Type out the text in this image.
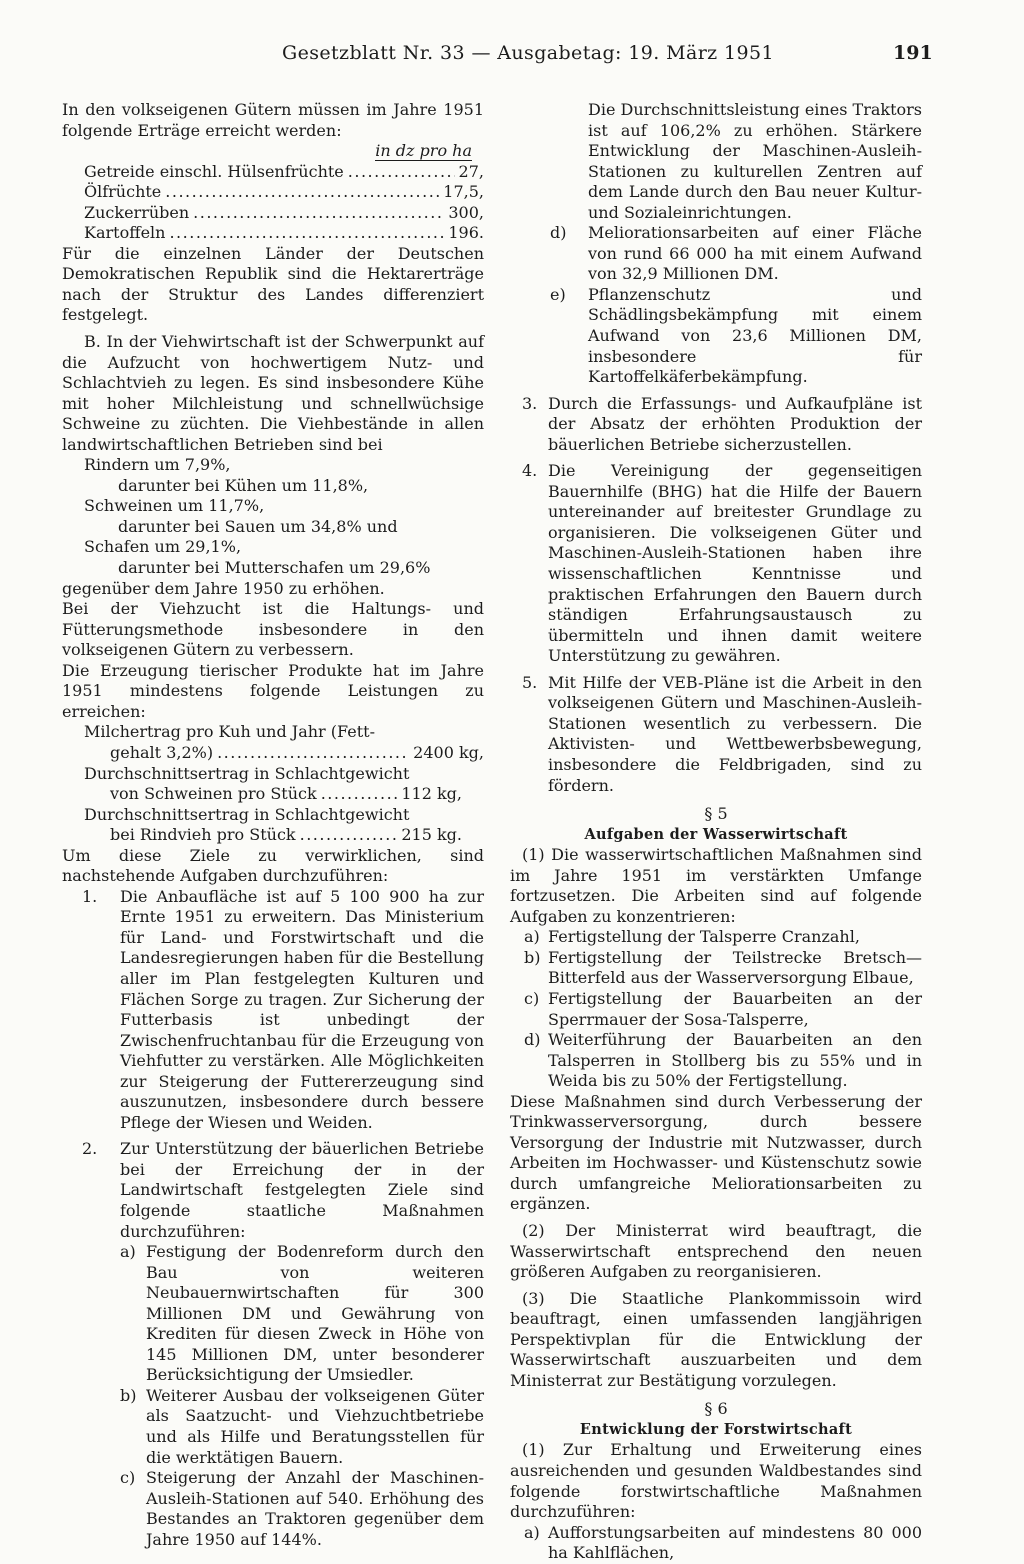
Gesetzblatt Nr. 33 — Ausgabetag: 19. März 1951	191

In den volkseigenen Gütern müssen im Jahre 1951 folgende Erträge erreicht werden:

in dz pro ha
Getreide einschl. Hülsenfrüchte .....	27,
Ölfrüchte .....	17,5,
Zuckerrüben .....	300,
Kartoffeln .....	196.

Für die einzelnen Länder der Deutschen Demokratischen Republik sind die Hektarerträge nach der Struktur des Landes differenziert festgelegt.

B. In der Viehwirtschaft ist der Schwerpunkt auf die Aufzucht von hochwertigem Nutz- und Schlachtvieh zu legen. Es sind insbesondere Kühe mit hoher Milchleistung und schnellwüchsige Schweine zu züchten. Die Viehbestände in allen landwirtschaftlichen Betrieben sind bei

Rindern um 7,9%,
darunter bei Kühen um 11,8%,
Schweinen um 11,7%,
darunter bei Sauen um 34,8% und
Schafen um 29,1%,
darunter bei Mutterschafen um 29,6%

gegenüber dem Jahre 1950 zu erhöhen.

Bei der Viehzucht ist die Haltungs- und Fütterungsmethode insbesondere in den volkseigenen Gütern zu verbessern.

Die Erzeugung tierischer Produkte hat im Jahre 1951 mindestens folgende Leistungen zu erreichen:

Milchertrag pro Kuh und Jahr (Fett-
gehalt 3,2%) .....	2400 kg,
Durchschnittsertrag in Schlachtgewicht
von Schweinen pro Stück .....	112 kg,
Durchschnittsertrag in Schlachtgewicht
bei Rindvieh pro Stück .....	215 kg.

Um diese Ziele zu verwirklichen, sind nachstehende Aufgaben durchzuführen:

1.	Die Anbaufläche ist auf 5 100 900 ha zur Ernte 1951 zu erweitern. Das Ministerium für Land- und Forstwirtschaft und die Landesregierungen haben für die Bestellung aller im Plan festgelegten Kulturen und Flächen Sorge zu tragen. Zur Sicherung der Futterbasis ist unbedingt der Zwischenfruchtanbau für die Erzeugung von Viehfutter zu verstärken. Alle Möglichkeiten zur Steigerung der Futtererzeugung sind auszunutzen, insbesondere durch bessere Pflege der Wiesen und Weiden.
2.	Zur Unterstützung der bäuerlichen Betriebe bei der Erreichung der in der Landwirtschaft festgelegten Ziele sind folgende staatliche Maßnahmen durchzuführen:
a) Festigung der Bodenreform durch den Bau von weiteren Neubauernwirtschaften für 300 Millionen DM und Gewährung von Krediten für diesen Zweck in Höhe von 145 Millionen DM, unter besonderer Berücksichtigung der Umsiedler.
b) Weiterer Ausbau der volkseigenen Güter als Saatzucht- und Viehzuchtbetriebe und als Hilfe und Beratungsstellen für die werktätigen Bauern.
c) Steigerung der Anzahl der Maschinen-Ausleih-Stationen auf 540. Erhöhung des Bestandes an Traktoren gegenüber dem Jahre 1950 auf 144%.
Die Durchschnittsleistung eines Traktors ist auf 106,2% zu erhöhen. Stärkere Entwicklung der Maschinen-Ausleih-Stationen zu kulturellen Zentren auf dem Lande durch den Bau neuer Kultur- und Sozialeinrichtungen.
d)	Meliorationsarbeiten auf einer Fläche von rund 66 000 ha mit einem Aufwand von 32,9 Millionen DM.
e)	Pflanzenschutz und Schädlingsbekämpfung mit einem Aufwand von 23,6 Millionen DM, insbesondere für Kartoffelkäferbekämpfung.
3. Durch die Erfassungs- und Aufkaufpläne ist der Absatz der erhöhten Produktion der bäuerlichen Betriebe sicherzustellen.
4. Die Vereinigung der gegenseitigen Bauernhilfe (BHG) hat die Hilfe der Bauern untereinander auf breitester Grundlage zu organisieren. Die volkseigenen Güter und Maschinen-Ausleih-Stationen haben ihre wissenschaftlichen Kenntnisse und praktischen Erfahrungen den Bauern durch ständigen Erfahrungsaustausch zu übermitteln und ihnen damit weitere Unterstützung zu gewähren.
5. Mit Hilfe der VEB-Pläne ist die Arbeit in den volkseigenen Gütern und Maschinen-Ausleih-Stationen wesentlich zu verbessern. Die Aktivisten- und Wettbewerbsbewegung, insbesondere die Feldbrigaden, sind zu fördern.
§ 5
Aufgaben der Wasserwirtschaft

(1) Die wasserwirtschaftlichen Maßnahmen sind im Jahre 1951 im verstärkten Umfange fortzusetzen. Die Arbeiten sind auf folgende Aufgaben zu konzentrieren:

a) Fertigstellung der Talsperre Cranzahl,
b) Fertigstellung der Teilstrecke Bretsch—Bitterfeld aus der Wasserversorgung Elbaue,
c) Fertigstellung der Bauarbeiten an der Sperrmauer der Sosa-Talsperre,
d) Weiterführung der Bauarbeiten an den Talsperren in Stollberg bis zu 55% und in Weida bis zu 50% der Fertigstellung.

Diese Maßnahmen sind durch Verbesserung der Trinkwasserversorgung, durch bessere Versorgung der Industrie mit Nutzwasser, durch Arbeiten im Hochwasser- und Küstenschutz sowie durch umfangreiche Meliorationsarbeiten zu ergänzen.

(2) Der Ministerrat wird beauftragt, die Wasserwirtschaft entsprechend den neuen größeren Aufgaben zu reorganisieren.

(3) Die Staatliche Plankommissoin wird beauftragt, einen umfassenden langjährigen Perspektivplan für die Entwicklung der Wasserwirtschaft auszuarbeiten und dem Ministerrat zur Bestätigung vorzulegen.

§ 6
Entwicklung der Forstwirtschaft

(1) Zur Erhaltung und Erweiterung eines ausreichenden und gesunden Waldbestandes sind folgende forstwirtschaftliche Maßnahmen durchzuführen:

a) Aufforstungsarbeiten auf mindestens 80 000 ha Kahlflächen,
